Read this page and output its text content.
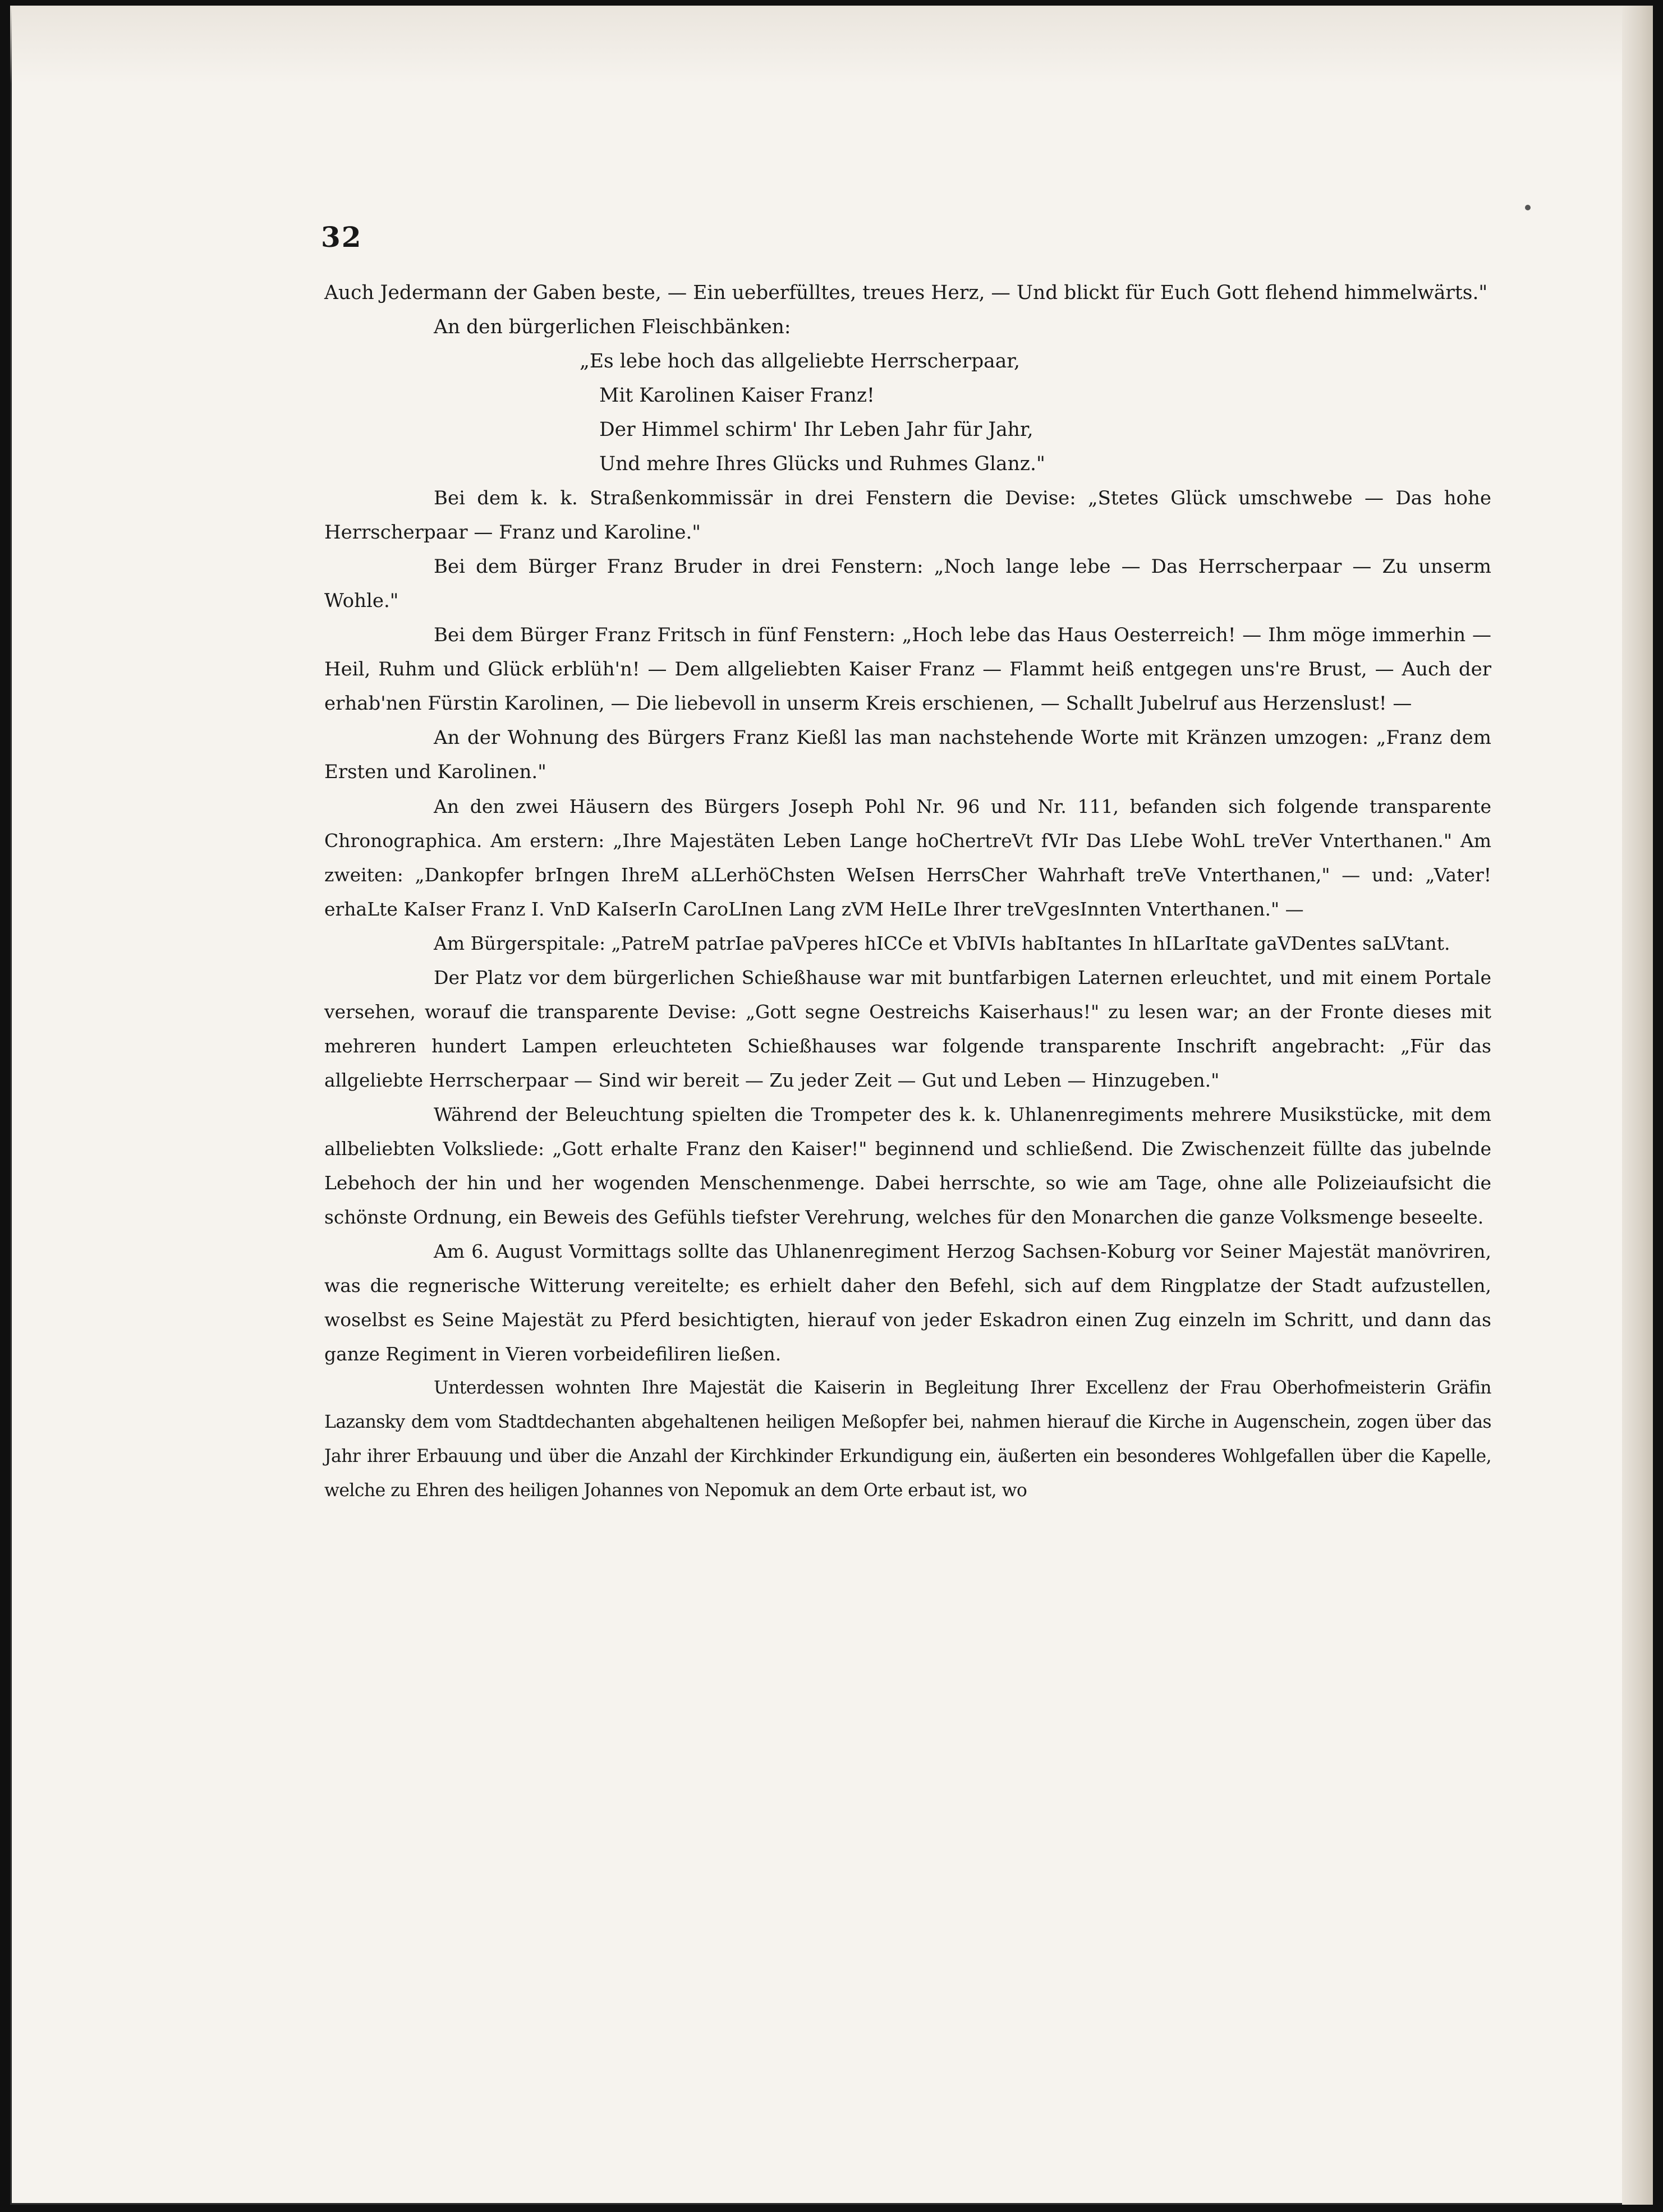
32

Auch Jedermann der Gaben beste, — Ein ueberfülltes, treues Herz, — Und blickt für Euch Gott flehend himmelwärts."

An den bürgerlichen Fleischbänken:

„Es lebe hoch das allgeliebte Herrscherpaar,
Mit Karolinen Kaiser Franz!
Der Himmel schirm' Ihr Leben Jahr für Jahr,
Und mehre Ihres Glücks und Ruhmes Glanz."

Bei dem k. k. Straßenkommissär in drei Fenstern die Devise: „Stetes Glück umschwebe — Das hohe Herrscherpaar — Franz und Karoline."

Bei dem Bürger Franz Bruder in drei Fenstern: „Noch lange lebe — Das Herrscherpaar — Zu unserm Wohle."

Bei dem Bürger Franz Fritsch in fünf Fenstern: „Hoch lebe das Haus Oesterreich! — Ihm möge immerhin — Heil, Ruhm und Glück erblüh'n! — Dem allgeliebten Kaiser Franz — Flammt heiß entgegen uns're Brust, — Auch der erhab'nen Fürstin Karolinen, — Die liebevoll in unserm Kreis erschienen, — Schallt Jubelruf aus Herzenslust! —

An der Wohnung des Bürgers Franz Kießl las man nachstehende Worte mit Kränzen umzogen: „Franz dem Ersten und Karolinen."

An den zwei Häusern des Bürgers Joseph Pohl Nr. 96 und Nr. 111, befanden sich folgende transparente Chronographica. Am erstern: „Ihre Majestäten Leben Lange hoChertreVt fVIr Das LIebe WohL treVer Vnterthanen." Am zweiten: „Dankopfer brIngen IhreM aLLerhöChsten WeIsen HerrsCher Wahrhaft treVe Vnterthanen," — und: „Vater! erhaLte KaIser Franz I. VnD KaIserIn CaroLInen Lang zVM HeILe Ihrer treVgesInnten Vnterthanen." —

Am Bürgerspitale: „PatreM patrIae paVperes hICCe et VbIVIs habItantes In hILarItate gaVDentes saLVtant.

Der Platz vor dem bürgerlichen Schießhause war mit buntfarbigen Laternen erleuchtet, und mit einem Portale versehen, worauf die transparente Devise: „Gott segne Oestreichs Kaiserhaus!" zu lesen war; an der Fronte dieses mit mehreren hundert Lampen erleuchteten Schießhauses war folgende transparente Inschrift angebracht: „Für das allgeliebte Herrscherpaar — Sind wir bereit — Zu jeder Zeit — Gut und Leben — Hinzugeben."

Während der Beleuchtung spielten die Trompeter des k. k. Uhlanenregiments mehrere Musikstücke, mit dem allbeliebten Volksliede: „Gott erhalte Franz den Kaiser!" beginnend und schließend. Die Zwischenzeit füllte das jubelnde Lebehoch der hin und her wogenden Menschenmenge. Dabei herrschte, so wie am Tage, ohne alle Polizeiaufsicht die schönste Ordnung, ein Beweis des Gefühls tiefster Verehrung, welches für den Monarchen die ganze Volksmenge beseelte.

Am 6. August Vormittags sollte das Uhlanenregiment Herzog Sachsen-Koburg vor Seiner Majestät manövriren, was die regnerische Witterung vereitelte; es erhielt daher den Befehl, sich auf dem Ringplatze der Stadt aufzustellen, woselbst es Seine Majestät zu Pferd besichtigten, hierauf von jeder Eskadron einen Zug einzeln im Schritt, und dann das ganze Regiment in Vieren vorbeidefiliren ließen.

Unterdessen wohnten Ihre Majestät die Kaiserin in Begleitung Ihrer Excellenz der Frau Oberhofmeisterin Gräfin Lazansky dem vom Stadtdechanten abgehaltenen heiligen Meßopfer bei, nahmen hierauf die Kirche in Augenschein, zogen über das Jahr ihrer Erbauung und über die Anzahl der Kirchkinder Erkundigung ein, äußerten ein besonderes Wohlgefallen über die Kapelle, welche zu Ehren des heiligen Johannes von Nepomuk an dem Orte erbaut ist, wo
